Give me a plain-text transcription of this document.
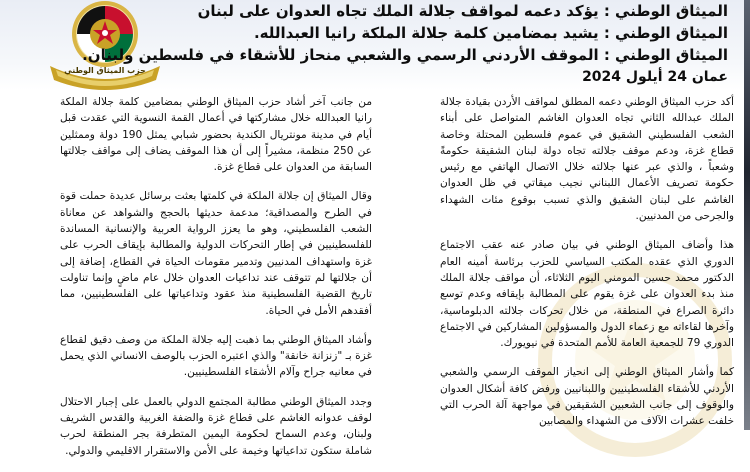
حزب الميثاق الوطني
الميثاق الوطني : يؤكد دعمه لمواقف جلالة الملك تجاه العدوان على لبنان
الميثاق الوطني : يشيد بمضامين كلمة جلالة الملكة رانيا العبدالله.
الميثاق الوطني : الموقف الأردني الرسمي والشعبي منحاز للأشقاء في فلسطين ولبنان.
عمان 24 أيلول 2024

أكد حزب الميثاق الوطني دعمه المطلق لمواقف الأردن بقيادة جلالة الملك عبدالله الثاني تجاه العدوان الغاشم المتواصل على أبناء الشعب الفلسطيني الشقيق في عموم فلسطين المحتلة وخاصة قطاع غزة، ودعم موقف جلالته تجاه دولة لبنان الشقيقة حكومةً وشعباً ، والذي عبر عنها جلالته خلال الاتصال الهاتفي مع رئيس حكومة تصريف الأعمال اللبناني نجيب ميقاتي في ظل العدوان الغاشم على لبنان الشقيق والذي تسبب بوقوع مئات الشهداء والجرحى من المدنيين.

هذا وأضاف الميثاق الوطني في بيان صادر عنه عقب الاجتماع الدوري الذي عقده المكتب السياسي للحزب برئاسة أمينه العام الدكتور محمد حسين المومني اليوم الثلاثاء، أن مواقف جلالة الملك منذ بدء العدوان على غزة يقوم على المطالبة بإيقافه وعدم توسع دائرة الصراع في المنطقة، من خلال تحركات جلالته الدبلوماسية، وآخرها لقاءاته مع زعماء الدول والمسؤولين المشاركين في الاجتماع الدوري 79 للجمعية العامة للأمم المتحدة في نيويورك.

كما وأشار الميثاق الوطني إلى انحياز الموقف الرسمي والشعبي الأردني للأشقاء الفلسطينيين واللبنانيين ورفض كافة أشكال العدوان والوقوف إلى جانب الشعبين الشقيقين في مواجهة آلة الحرب التي خلفت عشرات الآلاف من الشهداء والمصابين

من جانب آخر أشاد حزب الميثاق الوطني بمضامين كلمة جلالة الملكة رانيا العبدالله خلال مشاركتها في أعمال القمة النسوية التي عقدت قبل أيام في مدينة مونتريال الكندية بحضور شبابي يمثل 190 دولة وممثلين عن 250 منظمة، مشيراً إلى أن هذا الموقف يضاف إلى مواقف جلالتها السابقة من العدوان على قطاع غزة.

وقال الميثاق إن جلالة الملكة في كلمتها بعثت برسائل عديدة حملت قوة في الطرح والمصداقية؛ مدعمة حديثها بالحجج والشواهد عن معاناة الشعب الفلسطيني، وهو ما يعزز الرواية العربية والإنسانية المساندة للفلسطينيين في إطار التحركات الدولية والمطالبة بإيقاف الحرب على غزة واستهداف المدنيين وتدمير مقومات الحياة في القطاع، إضافة إلى أن جلالتها لم تتوقف عند تداعيات العدوان خلال عام ماضٍ وإنما تناولت تاريخ القضية الفلسطينية منذ عقود وتداعياتها على الفلسطينيين، مما أفقدهم الأمل في الحياة.

وأشاد الميثاق الوطني بما ذهبت إليه جلالة الملكة من وصف دقيق لقطاع غزة بـ "زنزانة خانقة" والذي اعتبره الحزب بالوصف الانساني الذي يحمل في معانيه جراح وآلام الأشقاء الفلسطينيين.

وجدد الميثاق الوطني مطالبة المجتمع الدولي بالعمل على إجبار الاحتلال لوقف عدوانه الغاشم على قطاع غزة والضفة الغربية والقدس الشريف ولبنان، وعدم السماح لحكومة اليمين المتطرفة بجر المنطقة لحرب شاملة ستكون تداعياتها وخيمة على الأمن والاستقرار الاقليمي والدولي.
